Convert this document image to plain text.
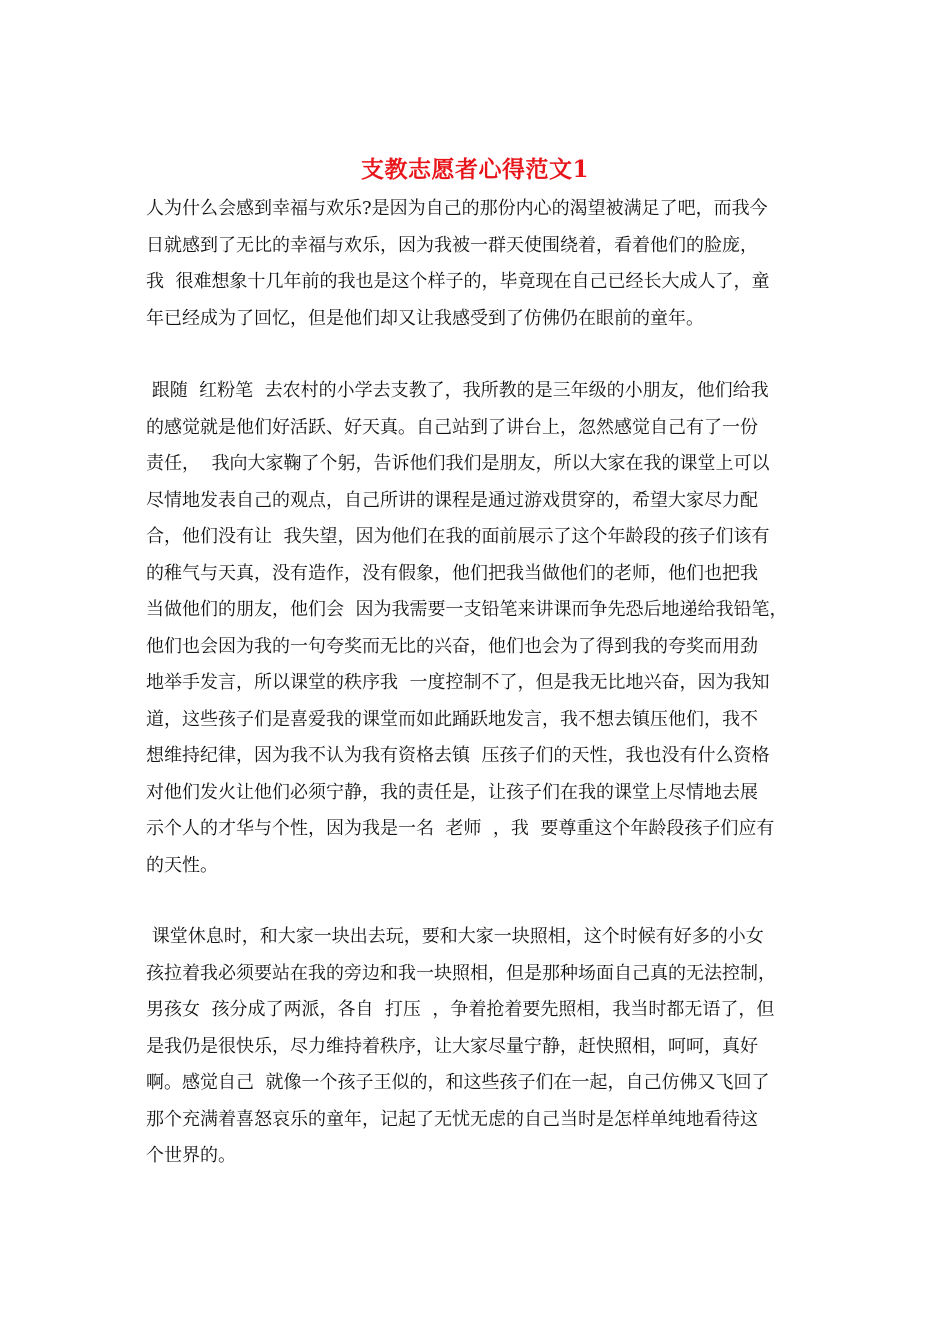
支教志愿者心得范文1
人为什么会感到幸福与欢乐?是因为自己的那份内心的渴望被满足了吧，而我今
日就感到了无比的幸福与欢乐，因为我被一群天使围绕着，看着他们的脸庞，
我  很难想象十几年前的我也是这个样子的，毕竟现在自己已经长大成人了，童
年已经成为了回忆，但是他们却又让我感受到了仿佛仍在眼前的童年。
跟随  红粉笔  去农村的小学去支教了，我所教的是三年级的小朋友，他们给我
的感觉就是他们好活跃、好天真。自己站到了讲台上，忽然感觉自己有了一份
责任，  我向大家鞠了个躬，告诉他们我们是朋友，所以大家在我的课堂上可以
尽情地发表自己的观点，自己所讲的课程是通过游戏贯穿的，希望大家尽力配
合，他们没有让  我失望，因为他们在我的面前展示了这个年龄段的孩子们该有
的稚气与天真，没有造作，没有假象，他们把我当做他们的老师，他们也把我
当做他们的朋友，他们会  因为我需要一支铅笔来讲课而争先恐后地递给我铅笔，
他们也会因为我的一句夸奖而无比的兴奋，他们也会为了得到我的夸奖而用劲
地举手发言，所以课堂的秩序我  一度控制不了，但是我无比地兴奋，因为我知
道，这些孩子们是喜爱我的课堂而如此踊跃地发言，我不想去镇压他们，我不
想维持纪律，因为我不认为我有资格去镇  压孩子们的天性，我也没有什么资格
对他们发火让他们必须宁静，我的责任是，让孩子们在我的课堂上尽情地去展
示个人的才华与个性，因为我是一名  老师  ，我  要尊重这个年龄段孩子们应有
的天性。
课堂休息时，和大家一块出去玩，要和大家一块照相，这个时候有好多的小女
孩拉着我必须要站在我的旁边和我一块照相，但是那种场面自己真的无法控制，
男孩女  孩分成了两派，各自  打压  ，争着抢着要先照相，我当时都无语了，但
是我仍是很快乐，尽力维持着秩序，让大家尽量宁静，赶快照相，呵呵，真好
啊。感觉自己  就像一个孩子王似的，和这些孩子们在一起，自己仿佛又飞回了
那个充满着喜怒哀乐的童年，记起了无忧无虑的自己当时是怎样单纯地看待这
个世界的。
